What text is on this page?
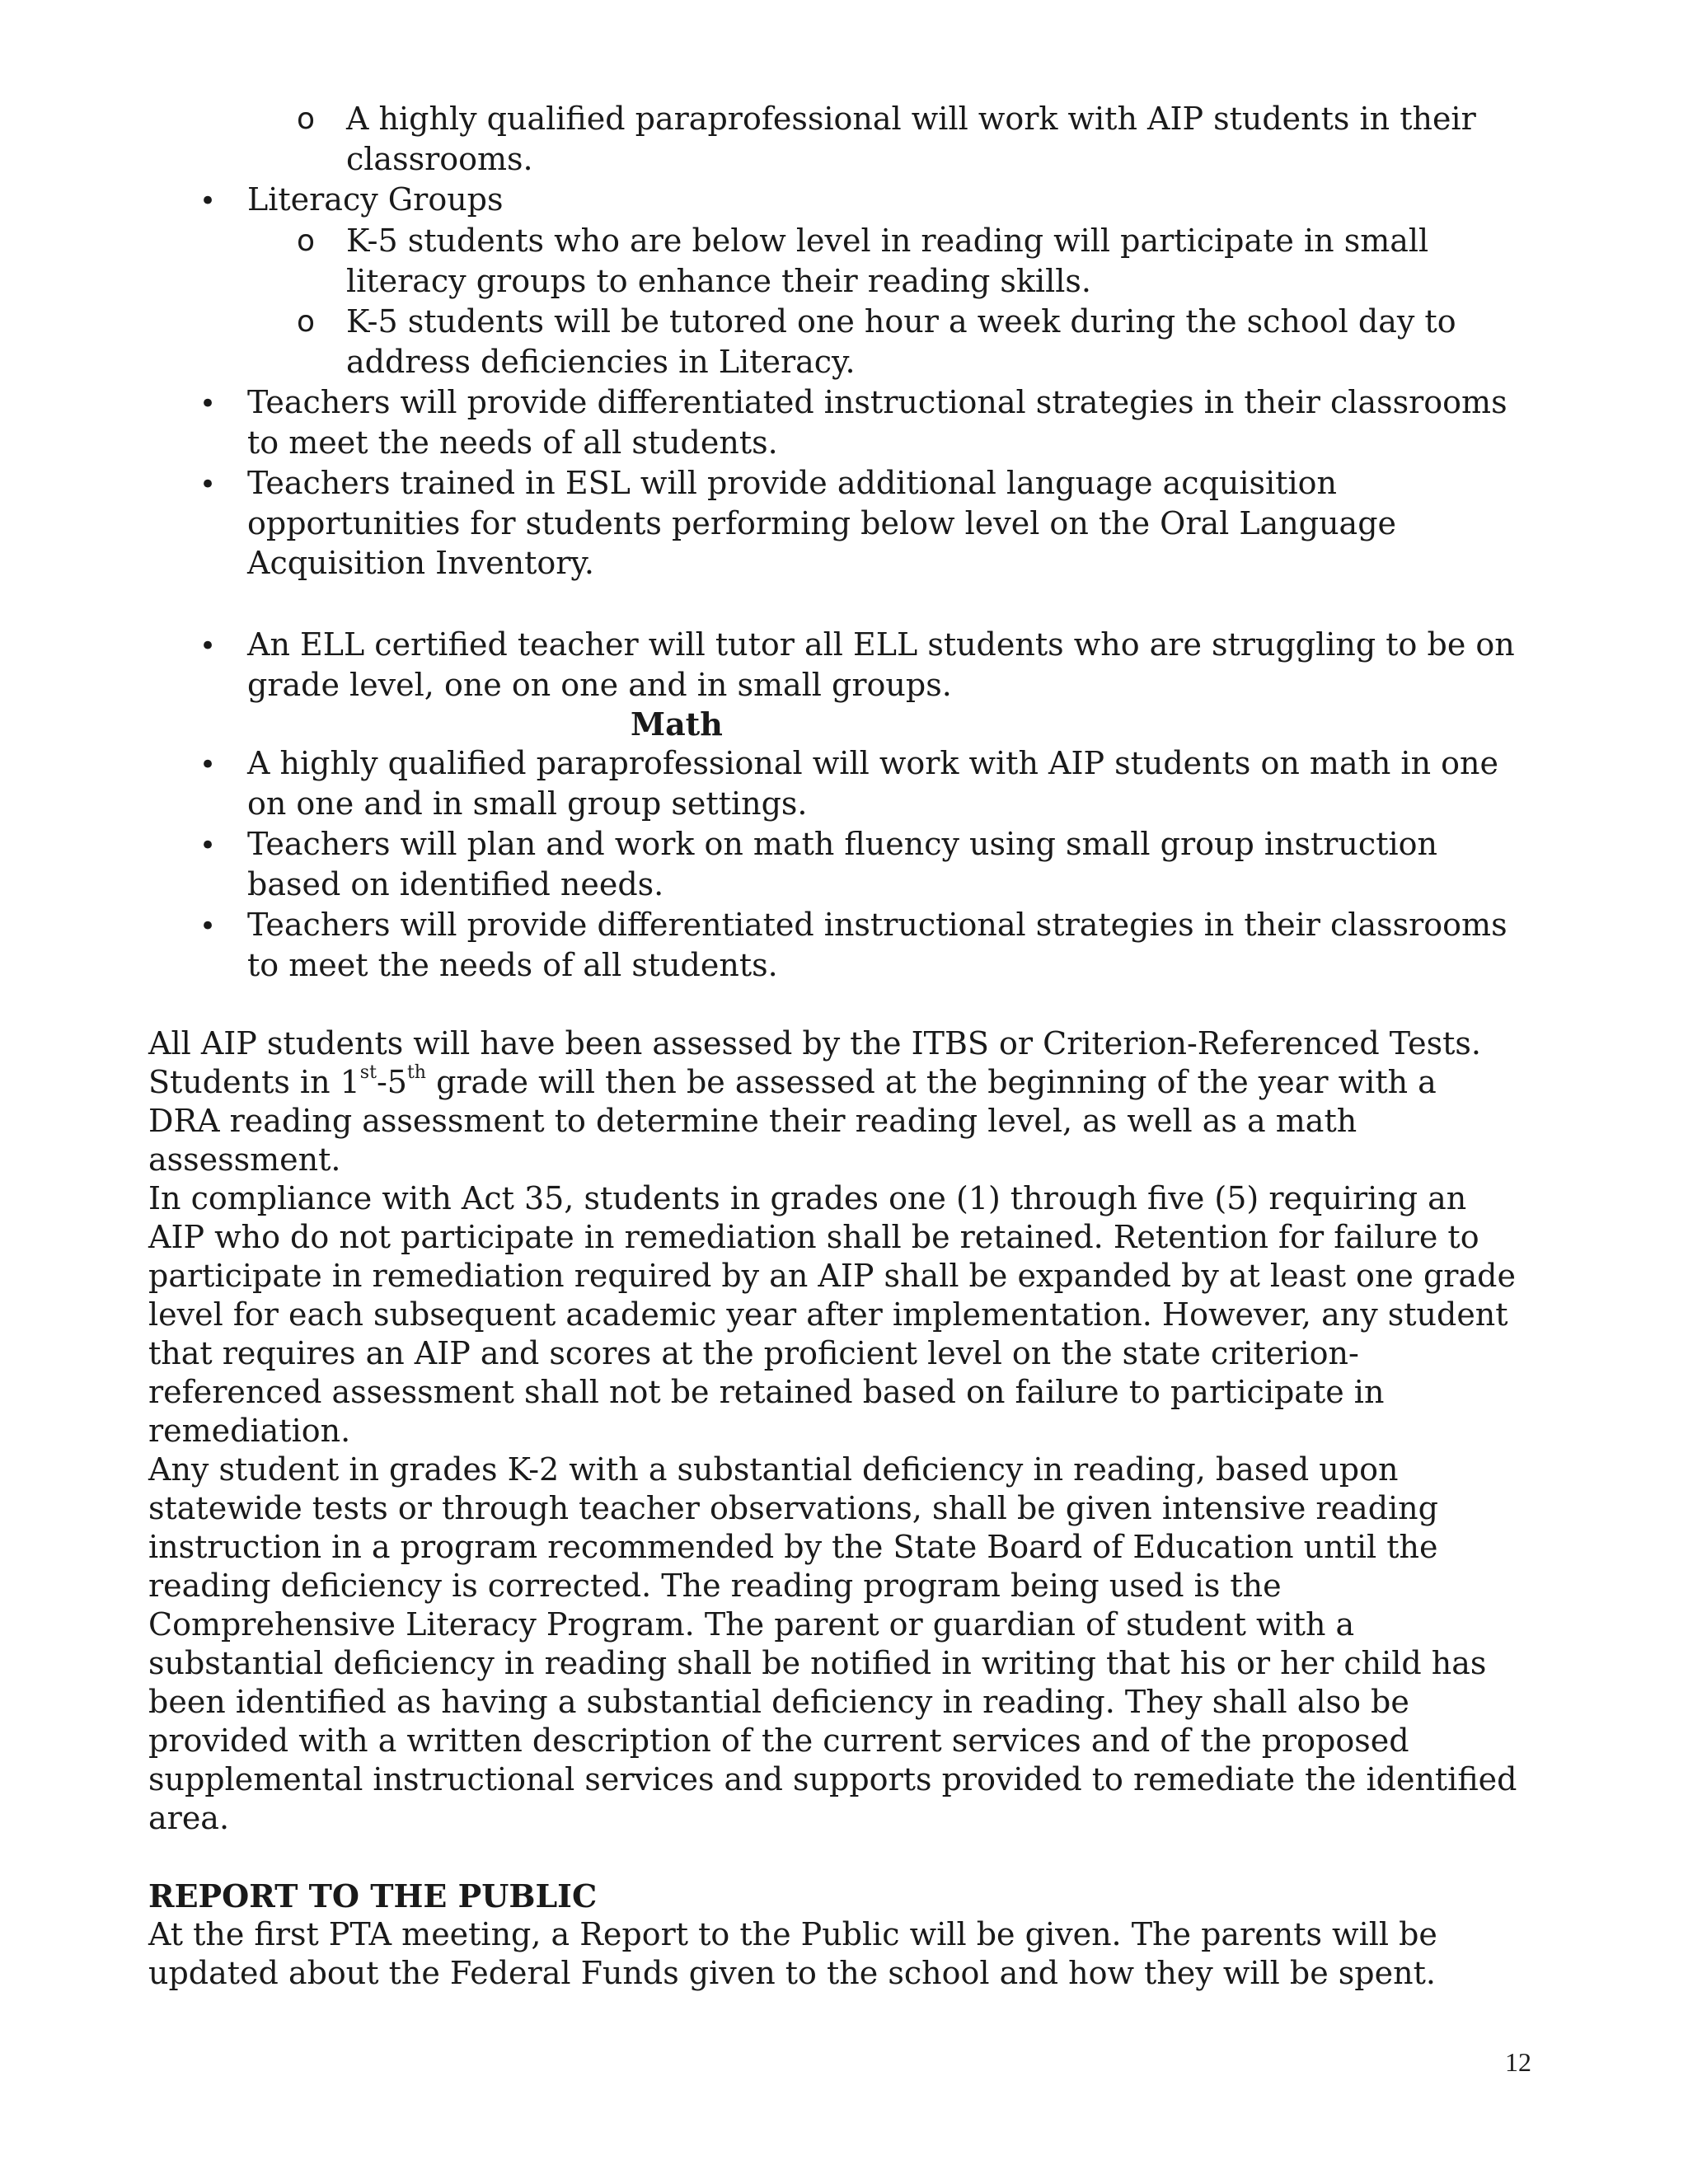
o A highly qualified paraprofessional will work with AIP students in their
classrooms.
• Literacy Groups
o K-5 students who are below level in reading will participate in small
literacy groups to enhance their reading skills.
o K-5 students will be tutored one hour a week during the school day to
address deficiencies in Literacy.
• Teachers will provide differentiated instructional strategies in their classrooms
to meet the needs of all students.
• Teachers trained in ESL will provide additional language acquisition
opportunities for students performing below level on the Oral Language
Acquisition Inventory.
• An ELL certified teacher will tutor all ELL students who are struggling to be on
grade level, one on one and in small groups.
Math
• A highly qualified paraprofessional will work with AIP students on math in one
on one and in small group settings.
• Teachers will plan and work on math fluency using small group instruction
based on identified needs.
• Teachers will provide differentiated instructional strategies in their classrooms
to meet the needs of all students.
All AIP students will have been assessed by the ITBS or Criterion-Referenced Tests.
Students in 1st-5th grade will then be assessed at the beginning of the year with a
DRA reading assessment to determine their reading level, as well as a math
assessment.
In compliance with Act 35, students in grades one (1) through five (5) requiring an
AIP who do not participate in remediation shall be retained. Retention for failure to
participate in remediation required by an AIP shall be expanded by at least one grade
level for each subsequent academic year after implementation. However, any student
that requires an AIP and scores at the proficient level on the state criterion-
referenced assessment shall not be retained based on failure to participate in
remediation.
Any student in grades K-2 with a substantial deficiency in reading, based upon
statewide tests or through teacher observations, shall be given intensive reading
instruction in a program recommended by the State Board of Education until the
reading deficiency is corrected. The reading program being used is the
Comprehensive Literacy Program. The parent or guardian of student with a
substantial deficiency in reading shall be notified in writing that his or her child has
been identified as having a substantial deficiency in reading. They shall also be
provided with a written description of the current services and of the proposed
supplemental instructional services and supports provided to remediate the identified
area.
REPORT TO THE PUBLIC
At the first PTA meeting, a Report to the Public will be given. The parents will be
updated about the Federal Funds given to the school and how they will be spent.
12
